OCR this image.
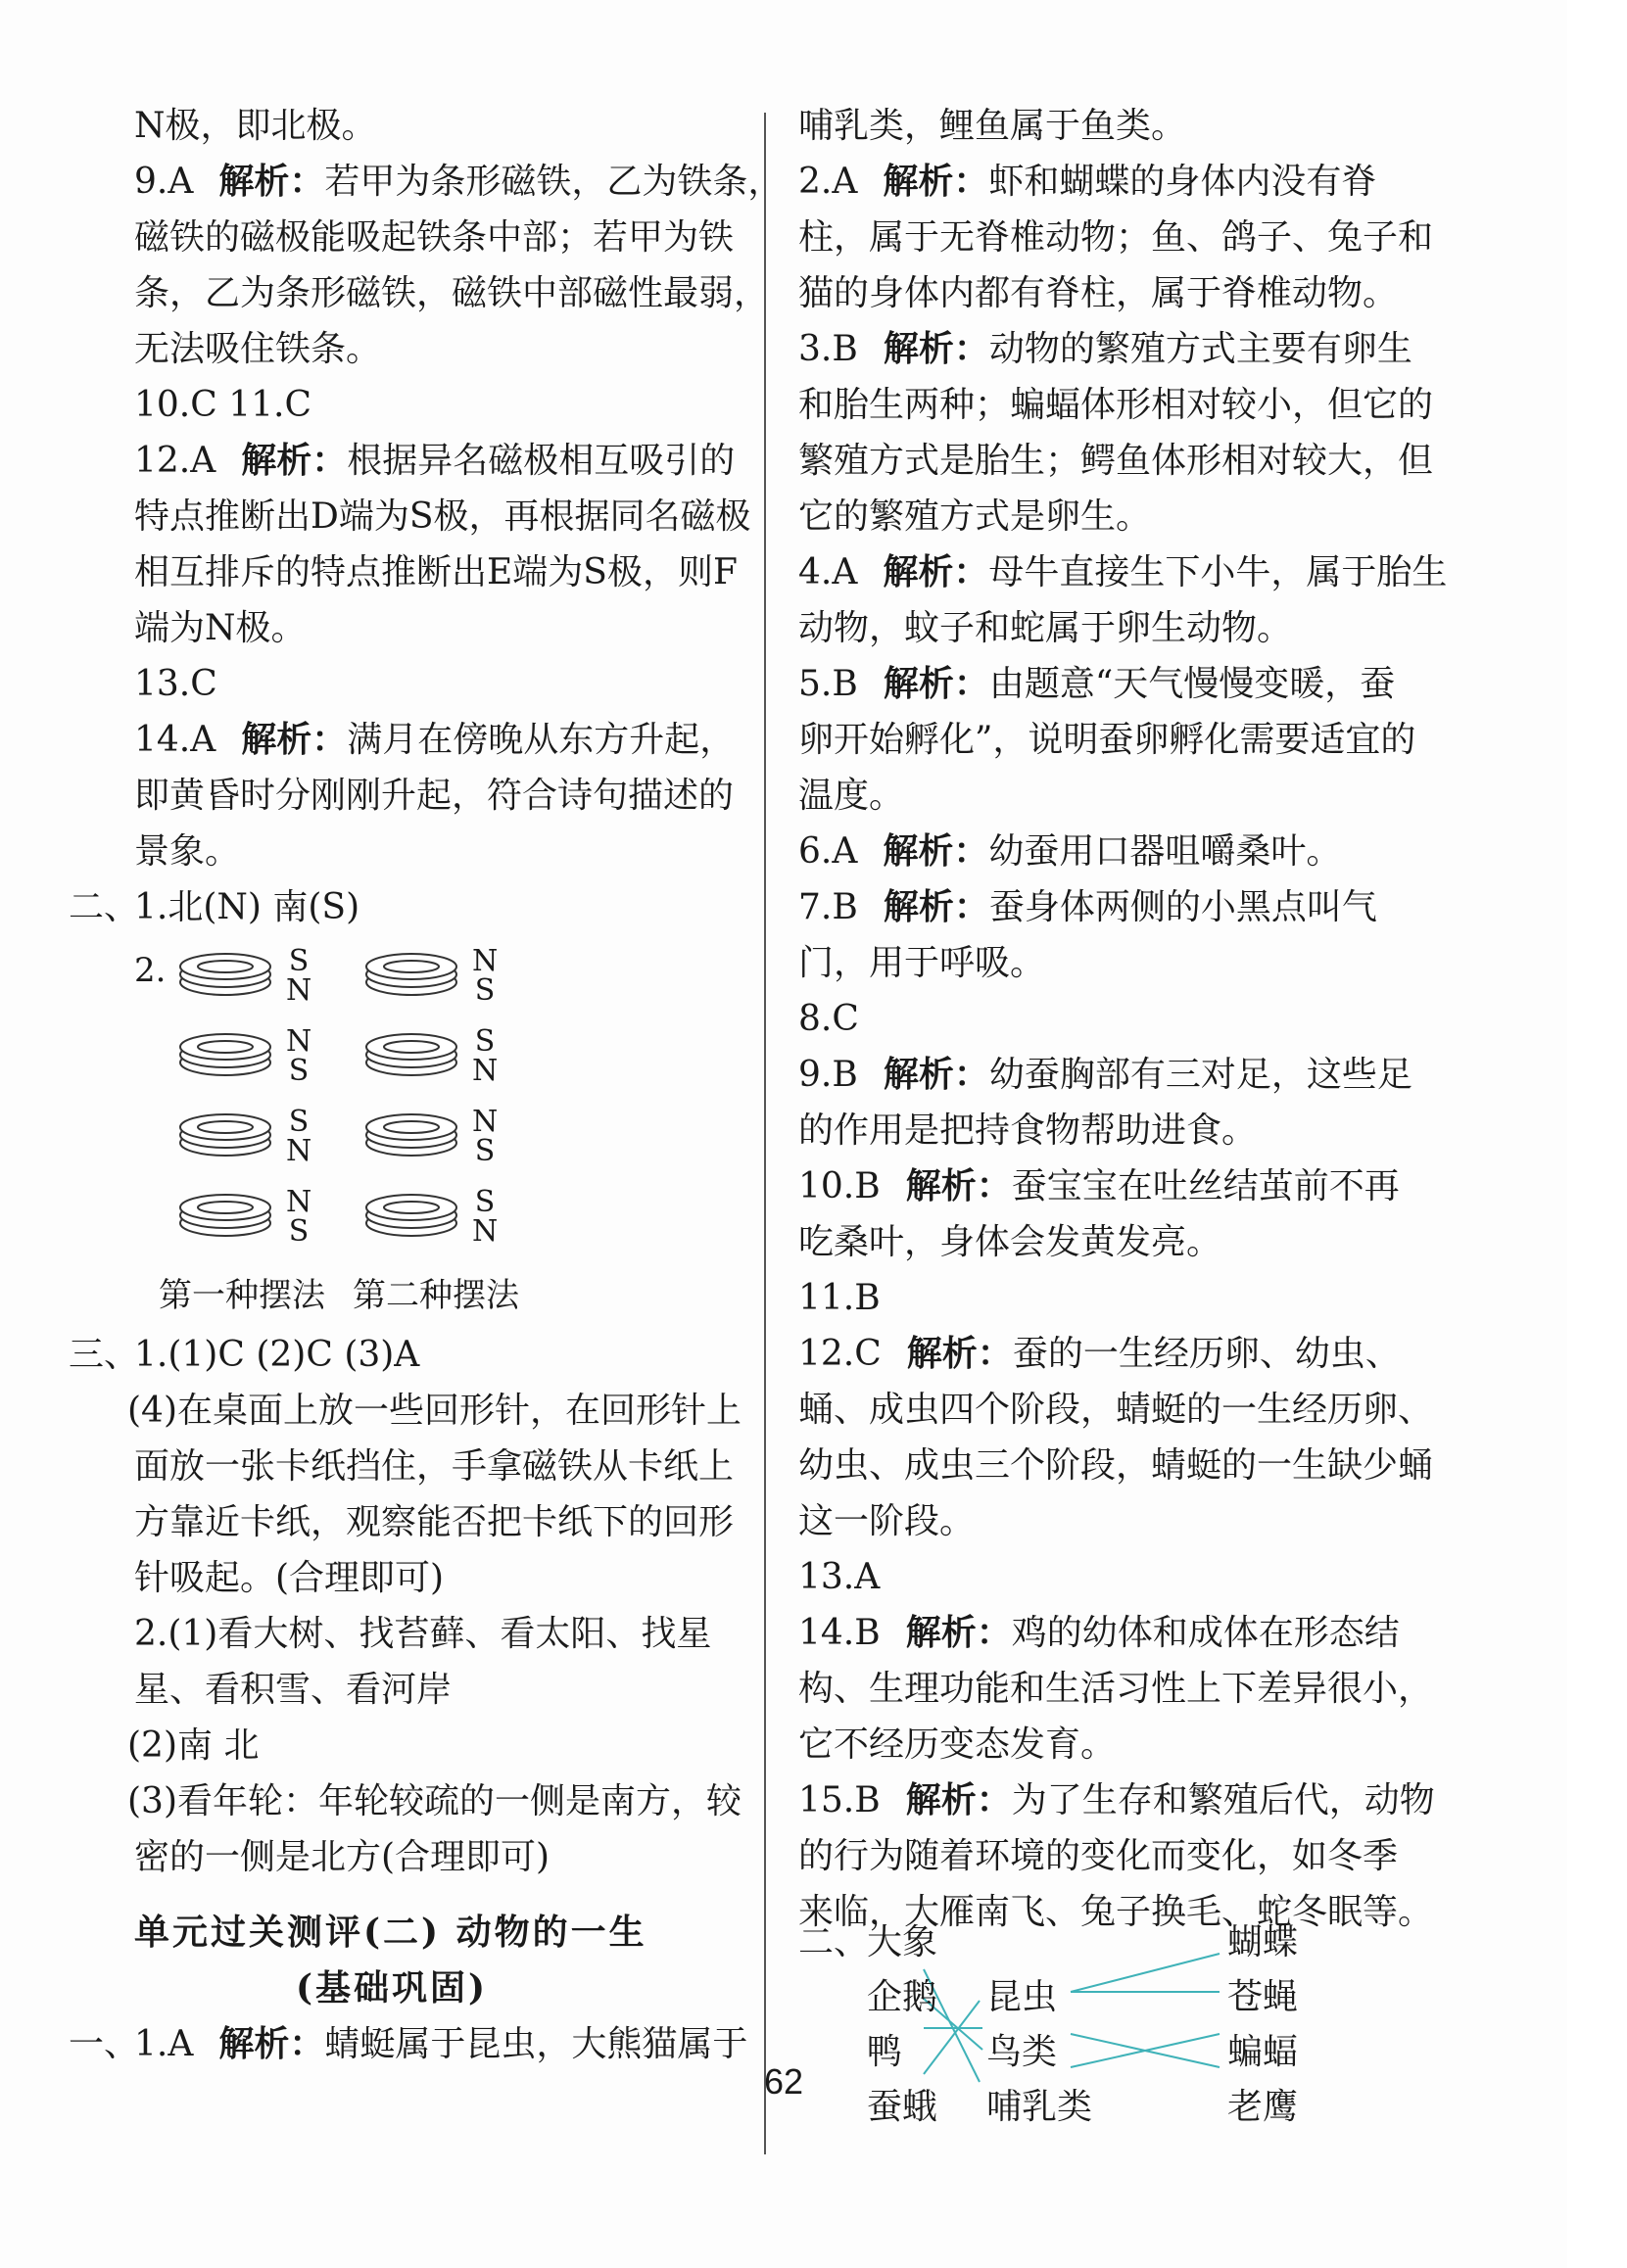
N极，即北极。
9.A 解析：若甲为条形磁铁，乙为铁条，
磁铁的磁极能吸起铁条中部；若甲为铁
条，乙为条形磁铁，磁铁中部磁性最弱，
无法吸住铁条。
10.C 11.C
12.A 解析：根据异名磁极相互吸引的
特点推断出D端为S极，再根据同名磁极
相互排斥的特点推断出E端为S极，则F
端为N极。
13.C
14.A 解析：满月在傍晚从东方升起，
即黄昏时分刚刚升起，符合诗句描述的
景象。
二、1.北(N) 南(S)
2.	S
N
N
S
N
S
S
N
S
N
N
S
N
S
S
N
第一种摆法 第二种摆法
三、1.(1)C (2)C (3)A
(4)在桌面上放一些回形针，在回形针上
面放一张卡纸挡住，手拿磁铁从卡纸上
方靠近卡纸，观察能否把卡纸下的回形
针吸起。(合理即可)
2.(1)看大树、找苔藓、看太阳、找星
星、看积雪、看河岸
(2)南 北
(3)看年轮：年轮较疏的一侧是南方，较
密的一侧是北方(合理即可)
单元过关测评(二) 动物的一生
(基础巩固)
一、1.A 解析：蜻蜓属于昆虫，大熊猫属于
哺乳类，鲤鱼属于鱼类。
2.A 解析：虾和蝴蝶的身体内没有脊
柱，属于无脊椎动物；鱼、鸽子、兔子和
猫的身体内都有脊柱，属于脊椎动物。
3.B 解析：动物的繁殖方式主要有卵生
和胎生两种；蝙蝠体形相对较小，但它的
繁殖方式是胎生；鳄鱼体形相对较大，但
它的繁殖方式是卵生。
4.A 解析：母牛直接生下小牛，属于胎生
动物，蚊子和蛇属于卵生动物。
5.B 解析：由题意“天气慢慢变暖，蚕
卵开始孵化”，说明蚕卵孵化需要适宜的
温度。
6.A 解析：幼蚕用口器咀嚼桑叶。
7.B 解析：蚕身体两侧的小黑点叫气
门，用于呼吸。
8.C
9.B 解析：幼蚕胸部有三对足，这些足
的作用是把持食物帮助进食。
10.B 解析：蚕宝宝在吐丝结茧前不再
吃桑叶，身体会发黄发亮。
11.B
12.C 解析：蚕的一生经历卵、幼虫、
蛹、成虫四个阶段，蜻蜓的一生经历卵、
幼虫、成虫三个阶段，蜻蜓的一生缺少蛹
这一阶段。
13.A
14.B 解析：鸡的幼体和成体在形态结
构、生理功能和生活习性上下差异很小，
它不经历变态发育。
15.B 解析：为了生存和繁殖后代，动物
的行为随着环境的变化而变化，如冬季
来临，大雁南飞、兔子换毛、蛇冬眠等。
二、
大象
企鹅
鸭
蚕蛾
昆虫
鸟类
哺乳类
蝴蝶
苍蝇
蝙蝠
老鹰
62
